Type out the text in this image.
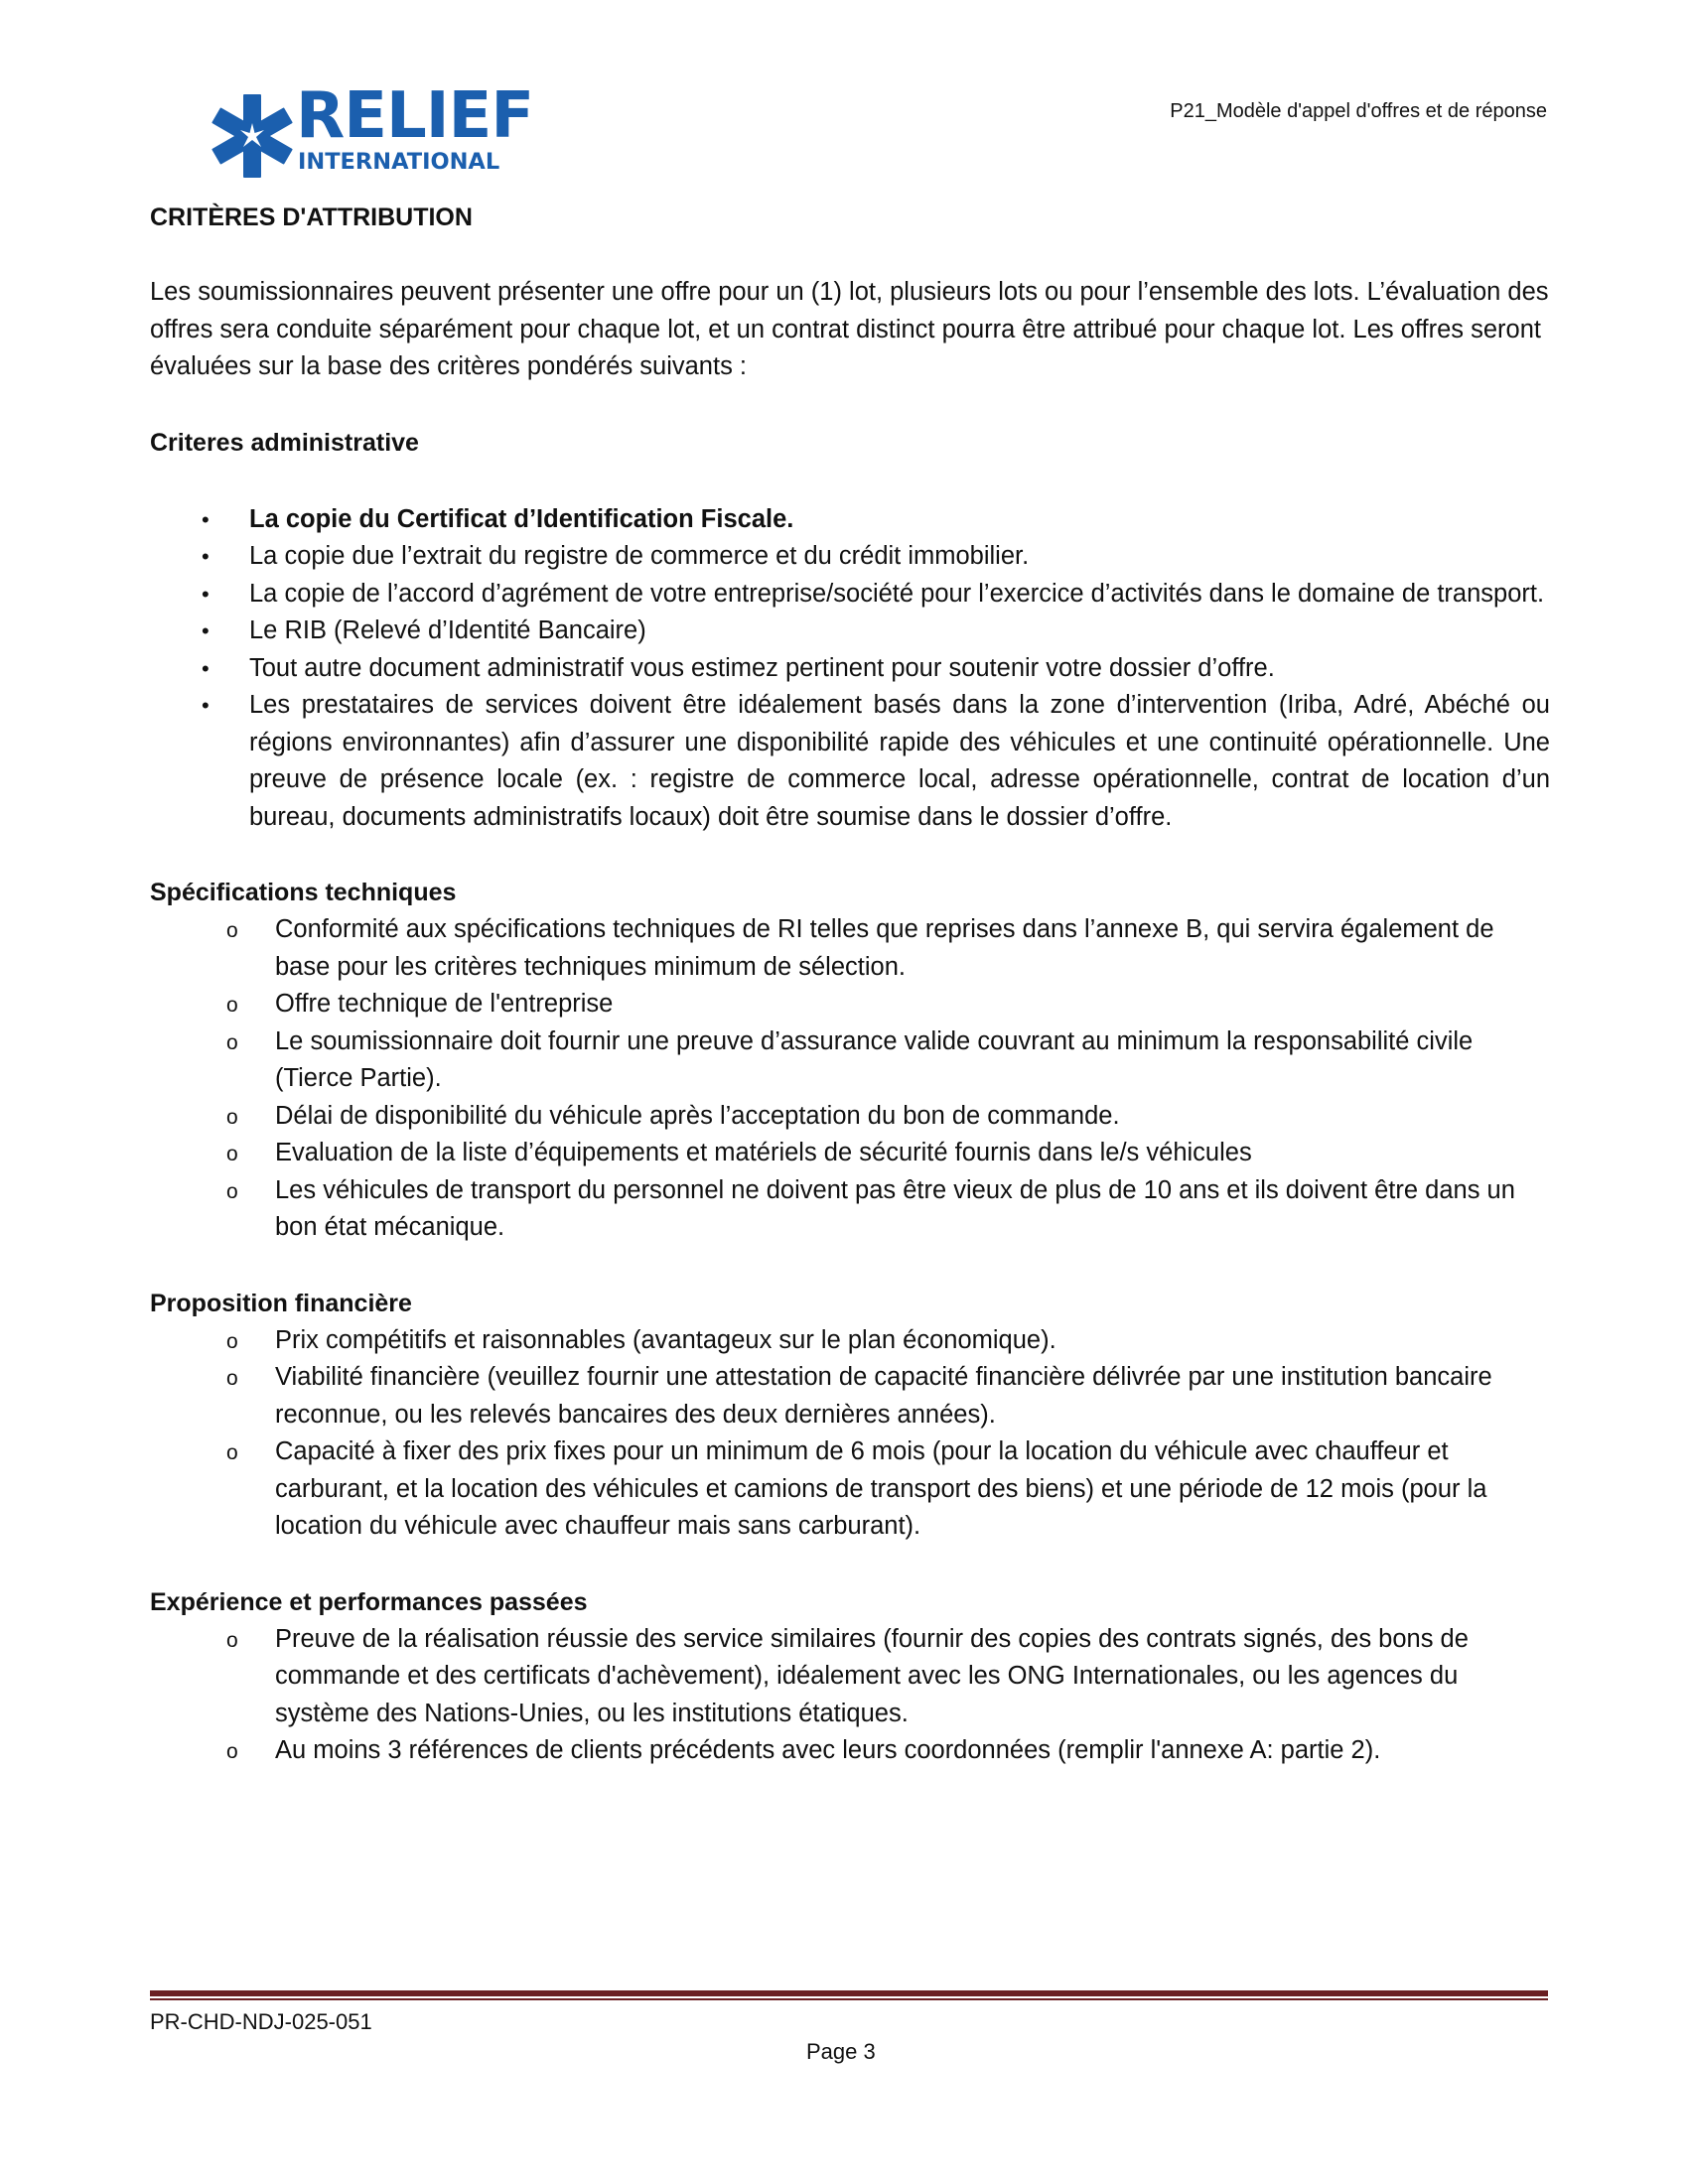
RELIEF
INTERNATIONAL
P21_Modèle d'appel d'offres et de réponse
CRITÈRES D'ATTRIBUTION

Les soumissionnaires peuvent présenter une offre pour un (1) lot, plusieurs lots ou pour l’ensemble des lots. L’évaluation des offres sera conduite séparément pour chaque lot, et un contrat distinct pourra être attribué pour chaque lot. Les offres seront évaluées sur la base des critères pondérés suivants :

Criteres administrative
• La copie du Certificat d’Identification Fiscale.
• La copie due l’extrait du registre de commerce et du crédit immobilier.
• La copie de l’accord d’agrément de votre entreprise/société pour l’exercice d’activités dans le domaine de transport.
• Le RIB (Relevé d’Identité Bancaire)
• Tout autre document administratif vous estimez pertinent pour soutenir votre dossier d’offre.
• Les prestataires de services doivent être idéalement basés dans la zone d’intervention (Iriba, Adré, Abéché ou régions environnantes) afin d’assurer une disponibilité rapide des véhicules et une continuité opérationnelle. Une preuve de présence locale (ex. : registre de commerce local, adresse opérationnelle, contrat de location d’un bureau, documents administratifs locaux) doit être soumise dans le dossier d’offre.
Spécifications techniques
o Conformité aux spécifications techniques de RI telles que reprises dans l’annexe B, qui servira également de base pour les critères techniques minimum de sélection.
o Offre technique de l'entreprise
o Le soumissionnaire doit fournir une preuve d’assurance valide couvrant au minimum la responsabilité civile (Tierce Partie).
o Délai de disponibilité du véhicule après l’acceptation du bon de commande.
o Evaluation de la liste d’équipements et matériels de sécurité fournis dans le/s véhicules
o Les véhicules de transport du personnel ne doivent pas être vieux de plus de 10 ans et ils doivent être dans un bon état mécanique.
Proposition financière
o Prix compétitifs et raisonnables (avantageux sur le plan économique).
o Viabilité financière (veuillez fournir une attestation de capacité financière délivrée par une institution bancaire reconnue, ou les relevés bancaires des deux dernières années).
o Capacité à fixer des prix fixes pour un minimum de 6 mois (pour la location du véhicule avec chauffeur et carburant, et la location des véhicules et camions de transport des biens) et une période de 12 mois (pour la location du véhicule avec chauffeur mais sans carburant).
Expérience et performances passées
o Preuve de la réalisation réussie des service similaires (fournir des copies des contrats signés, des bons de commande et des certificats d'achèvement), idéalement avec les ONG Internationales, ou les agences du système des Nations-Unies, ou les institutions étatiques.
o Au moins 3 références de clients précédents avec leurs coordonnées (remplir l'annexe A: partie 2).
PR-CHD-NDJ-025-051
Page 3
